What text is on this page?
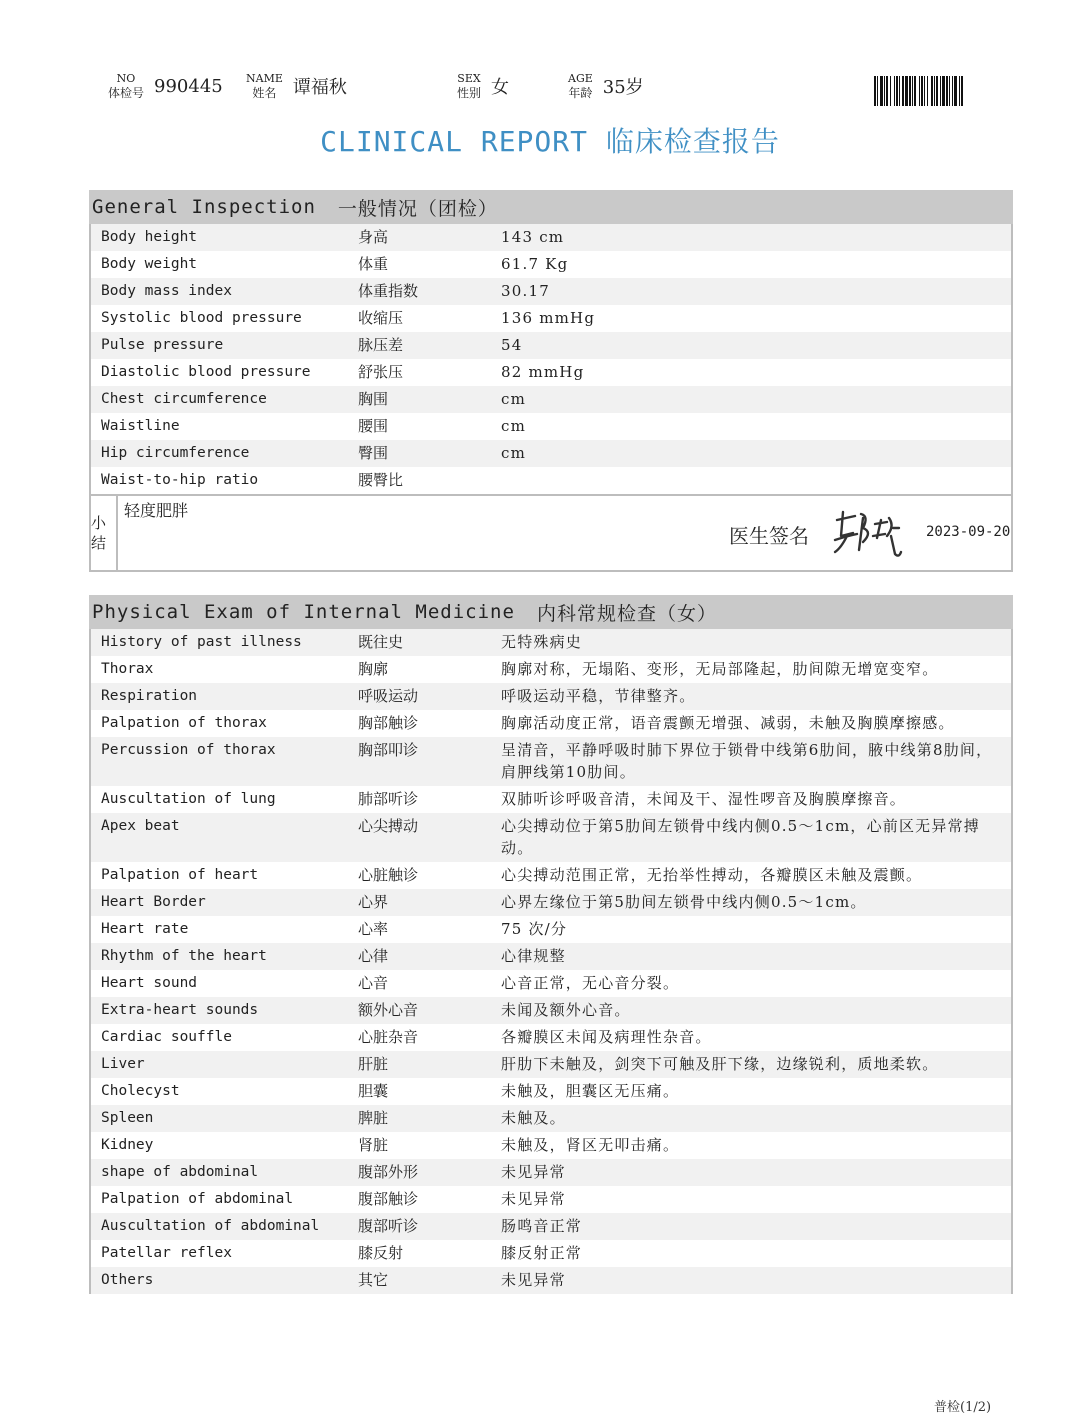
NO
体检号 990445 NAME
姓名 谭福秋	SEX
性别 女	AGE
年龄 35岁
CLINICAL REPORT 临床检查报告
General Inspection 一般情况（团检）
Body height	身高	143 cm
Body weight	体重	61.7 Kg
Body mass index	体重指数	30.17
Systolic blood pressure	收缩压	136 mmHg
Pulse pressure	脉压差	54
Diastolic blood pressure	舒张压	82 mmHg
Chest circumference	胸围	cm
Waistline	腰围	cm
Hip circumference	臀围	cm
Waist-to-hip ratio	腰臀比
小结
轻度肥胖
医生签名	2023-09-20
Physical Exam of Internal Medicine 内科常规检查（女）
History of past illness	既往史	无特殊病史
Thorax	胸廓	胸廓对称，无塌陷、变形，无局部隆起，肋间隙无增宽变窄。
Respiration	呼吸运动	呼吸运动平稳，节律整齐。
Palpation of thorax	胸部触诊	胸廓活动度正常，语音震颤无增强、减弱，未触及胸膜摩擦感。
Percussion of thorax	胸部叩诊	呈清音，平静呼吸时肺下界位于锁骨中线第6肋间，腋中线第8肋间，肩胛线第10肋间。
Auscultation of lung	肺部听诊	双肺听诊呼吸音清，未闻及干、湿性啰音及胸膜摩擦音。
Apex beat	心尖搏动	心尖搏动位于第5肋间左锁骨中线内侧0.5～1cm，心前区无异常搏动。
Palpation of heart	心脏触诊	心尖搏动范围正常，无抬举性搏动，各瓣膜区未触及震颤。
Heart Border	心界	心界左缘位于第5肋间左锁骨中线内侧0.5～1cm。
Heart rate	心率	75 次/分
Rhythm of the heart	心律	心律规整
Heart sound	心音	心音正常，无心音分裂。
Extra-heart sounds	额外心音	未闻及额外心音。
Cardiac souffle	心脏杂音	各瓣膜区未闻及病理性杂音。
Liver	肝脏	肝肋下未触及，剑突下可触及肝下缘，边缘锐利，质地柔软。
Cholecyst	胆囊	未触及，胆囊区无压痛。
Spleen	脾脏	未触及。
Kidney	肾脏	未触及，肾区无叩击痛。
shape of abdominal	腹部外形	未见异常
Palpation of abdominal	腹部触诊	未见异常
Auscultation of abdominal	腹部听诊	肠鸣音正常
Patellar reflex	膝反射	膝反射正常
Others	其它	未见异常
普检(1/2)
